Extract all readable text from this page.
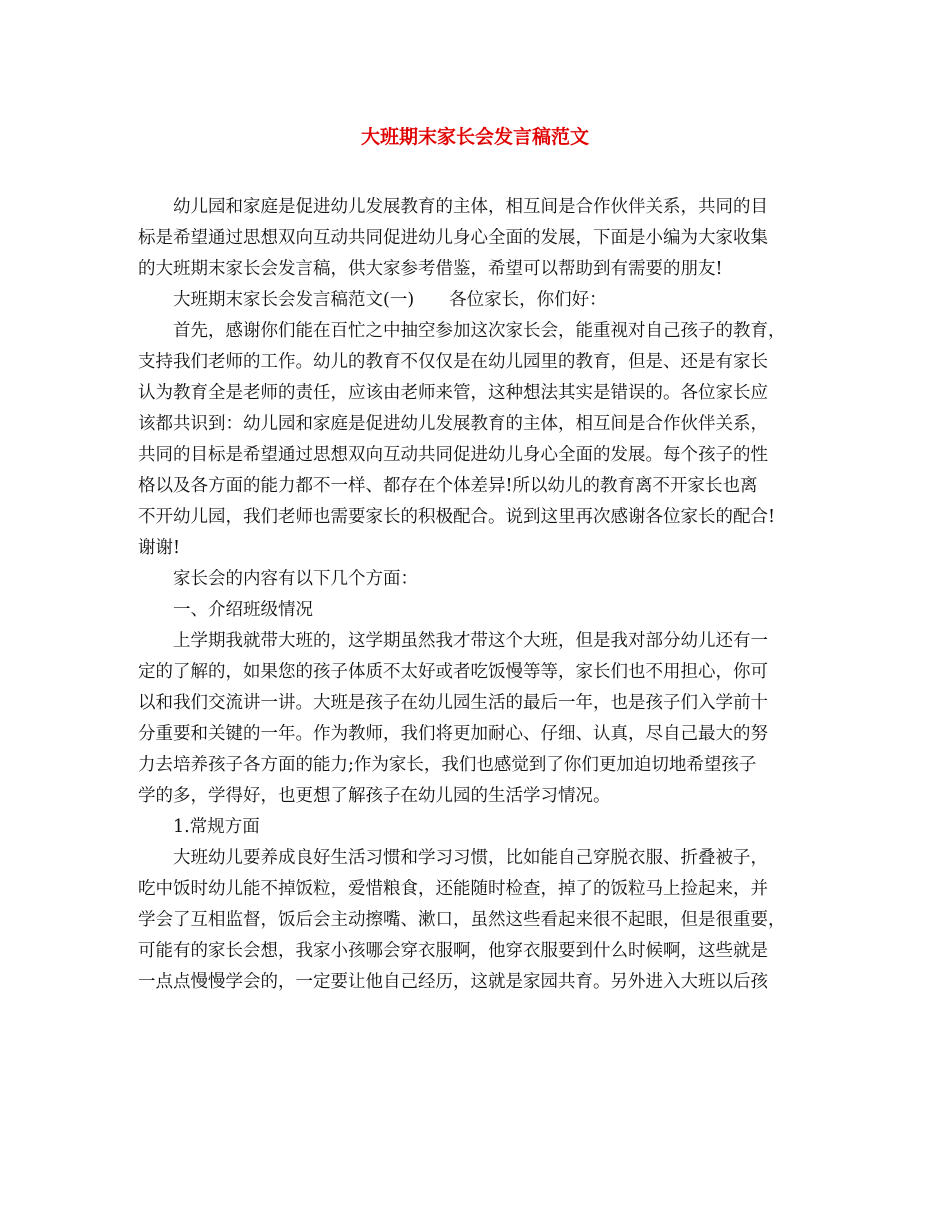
大班期末家长会发言稿范文
幼儿园和家庭是促进幼儿发展教育的主体，相互间是合作伙伴关系，共同的目
标是希望通过思想双向互动共同促进幼儿身心全面的发展，下面是小编为大家收集
的大班期末家长会发言稿，供大家参考借鉴，希望可以帮助到有需要的朋友!
大班期末家长会发言稿范文(一)　　各位家长，你们好：
首先，感谢你们能在百忙之中抽空参加这次家长会，能重视对自己孩子的教育，
支持我们老师的工作。幼儿的教育不仅仅是在幼儿园里的教育，但是、还是有家长
认为教育全是老师的责任，应该由老师来管，这种想法其实是错误的。各位家长应
该都共识到：幼儿园和家庭是促进幼儿发展教育的主体，相互间是合作伙伴关系，
共同的目标是希望通过思想双向互动共同促进幼儿身心全面的发展。每个孩子的性
格以及各方面的能力都不一样、都存在个体差异!所以幼儿的教育离不开家长也离
不开幼儿园，我们老师也需要家长的积极配合。说到这里再次感谢各位家长的配合!
谢谢!
家长会的内容有以下几个方面：
一、介绍班级情况
上学期我就带大班的，这学期虽然我才带这个大班，但是我对部分幼儿还有一
定的了解的，如果您的孩子体质不太好或者吃饭慢等等，家长们也不用担心，你可
以和我们交流讲一讲。大班是孩子在幼儿园生活的最后一年，也是孩子们入学前十
分重要和关键的一年。作为教师，我们将更加耐心、仔细、认真，尽自己最大的努
力去培养孩子各方面的能力;作为家长，我们也感觉到了你们更加迫切地希望孩子
学的多，学得好，也更想了解孩子在幼儿园的生活学习情况。
1.常规方面
大班幼儿要养成良好生活习惯和学习习惯，比如能自己穿脱衣服、折叠被子，
吃中饭时幼儿能不掉饭粒，爱惜粮食，还能随时检查，掉了的饭粒马上捡起来，并
学会了互相监督，饭后会主动擦嘴、漱口，虽然这些看起来很不起眼，但是很重要，
可能有的家长会想，我家小孩哪会穿衣服啊，他穿衣服要到什么时候啊，这些就是
一点点慢慢学会的，一定要让他自己经历，这就是家园共育。另外进入大班以后孩
